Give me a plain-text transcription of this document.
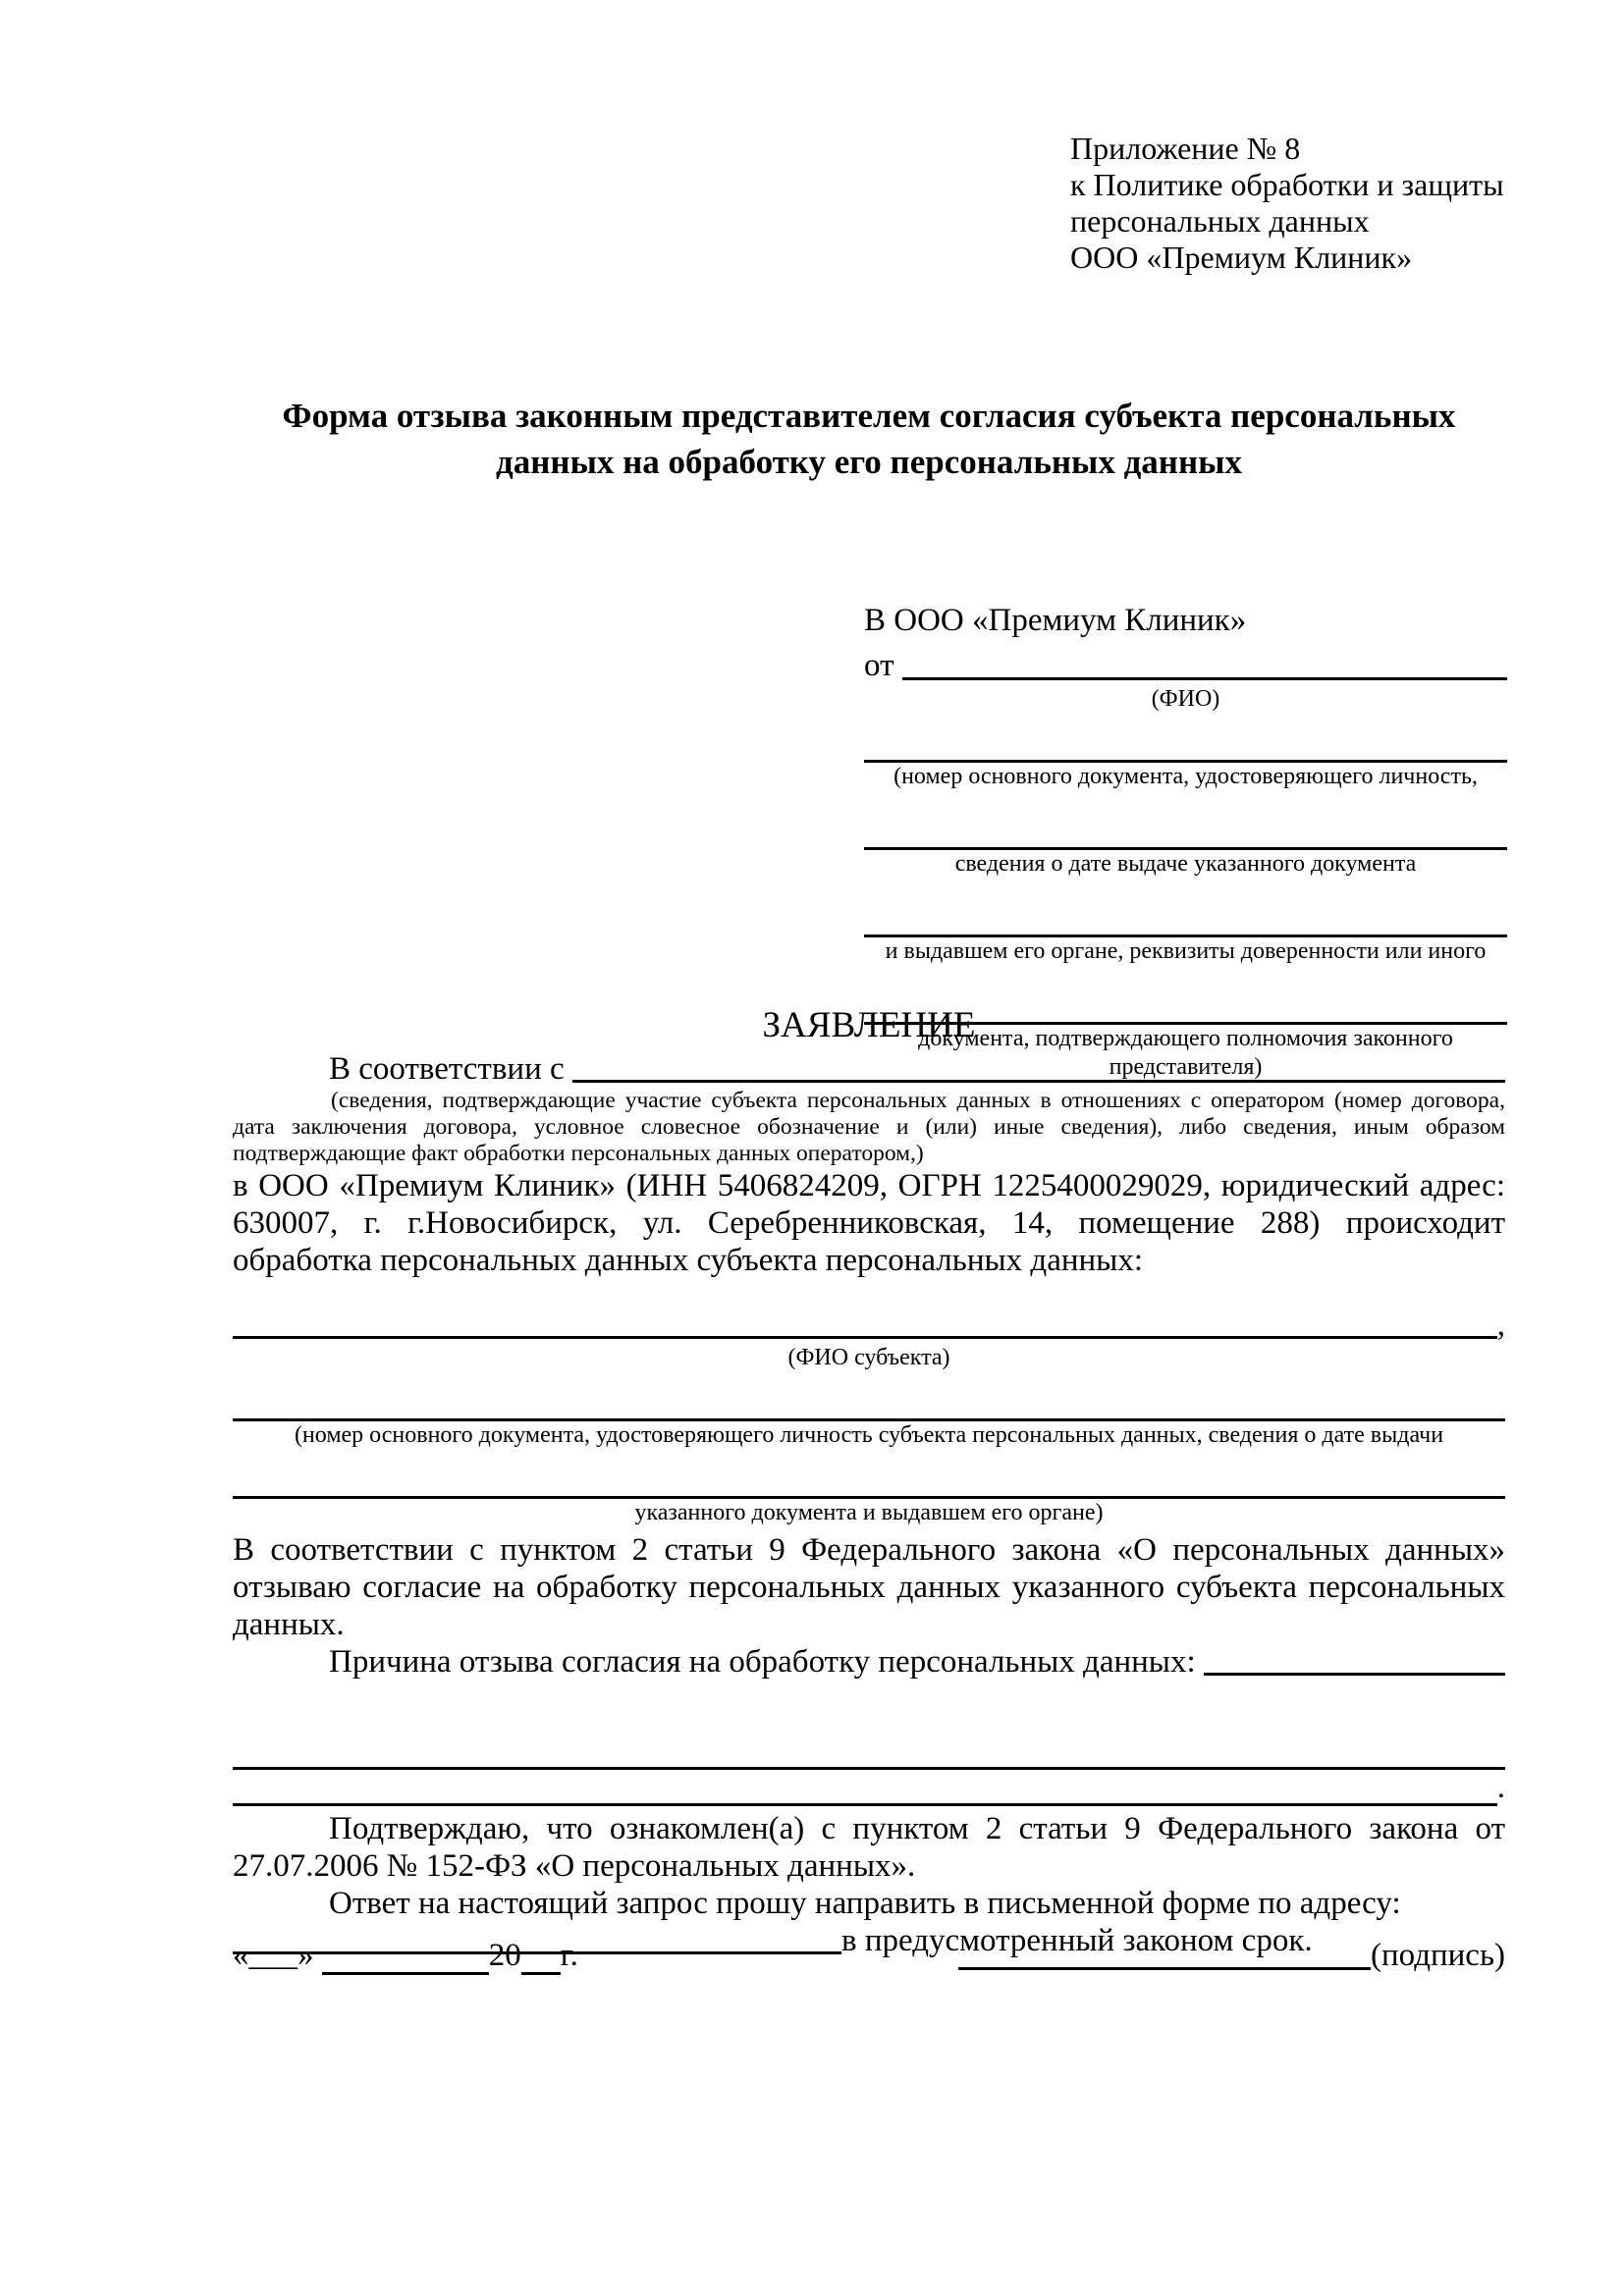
Приложение № 8
к Политике обработки и защиты
персональных данных
ООО «Премиум Клиник»
Форма отзыва законным представителем согласия субъекта персональных данных на обработку его персональных данных
В ООО «Премиум Клиник»
от
(ФИО)
(номер основного документа, удостоверяющего личность,
сведения о дате выдаче указанного документа
и выдавшем его органе, реквизиты доверенности или иного
документа, подтверждающего полномочия законного представителя)
ЗАЯВЛЕНИЕ
В соответствии с
(сведения, подтверждающие участие субъекта персональных данных в отношениях с оператором (номер договора, дата заключения договора, условное словесное обозначение и (или) иные сведения), либо сведения, иным образом подтверждающие факт обработки персональных данных оператором,)
в ООО «Премиум Клиник» (ИНН 5406824209, ОГРН 1225400029029, юридический адрес: 630007, г. г.Новосибирск, ул. Серебренниковская, 14, помещение 288) происходит обработка персональных данных субъекта персональных данных:
,
(ФИО субъекта)
(номер основного документа, удостоверяющего личность субъекта персональных данных, сведения о дате выдачи
указанного документа и выдавшем его органе)
В соответствии с пунктом 2 статьи 9 Федерального закона «О персональных данных» отзываю согласие на обработку персональных данных указанного субъекта персональных данных.
Причина отзыва согласия на обработку персональных данных:
.
Подтверждаю, что ознакомлен(а) с пунктом 2 статьи 9 Федерального закона от 27.07.2006 № 152-ФЗ «О персональных данных».
Ответ на настоящий запрос прошу направить в письменной форме по адресу:
в предусмотренный законом срок.
«___»	20 г.	(подпись)
